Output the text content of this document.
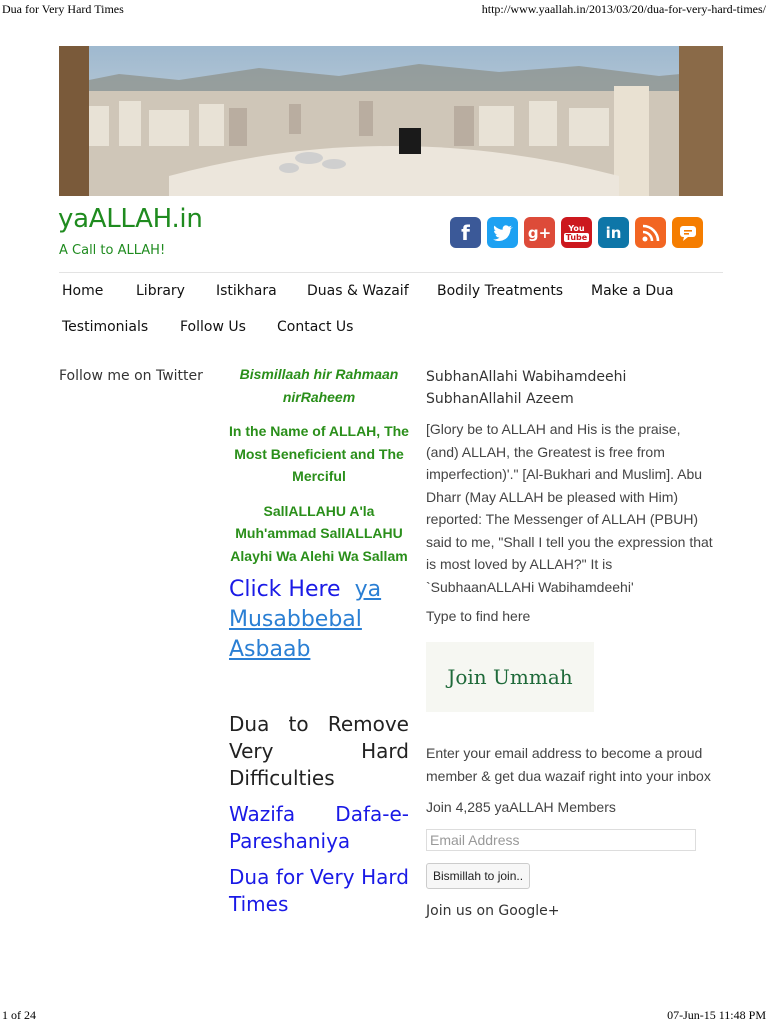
Dua for Very Hard Times	http://www.yaallah.in/2013/03/20/dua-for-very-hard-times/
yaALLAH.in
A Call to ALLAH!
f	g+	You
Tube	in
Home Library Istikhara Duas & Wazaif Bodily Treatments Make a Dua
Testimonials Follow Us Contact Us
Follow me on Twitter	Bismillaah hir Rahmaan nirRaheem
In the Name of ALLAH, The Most Beneficient and The Merciful
SallALLAHU A'la Muh'ammad SallALLAHU Alayhi Wa Alehi Wa Sallam
Click Here ya Musabbebal Asbaab
Dua to Remove Very Hard Difficulties
Wazifa Dafa-e-Pareshaniya
Dua for Very Hard Times
SubhanAllahi Wabihamdeehi SubhanAllahil Azeem
[Glory be to ALLAH and His is the praise, (and) ALLAH, the Greatest is free from imperfection)'." [Al-Bukhari and Muslim]. Abu Dharr (May ALLAH be pleased with Him) reported: The Messenger of ALLAH (PBUH) said to me, "Shall I tell you the expression that is most loved by ALLAH?" It is `SubhaanALLAHi Wabihamdeehi'
Type to find here
Join Ummah
Enter your email address to become a proud member & get dua wazaif right into your inbox
Join 4,285 yaALLAH Members
Email Address
Bismillah to join..
Join us on Google+
1 of 24	07-Jun-15 11:48 PM
